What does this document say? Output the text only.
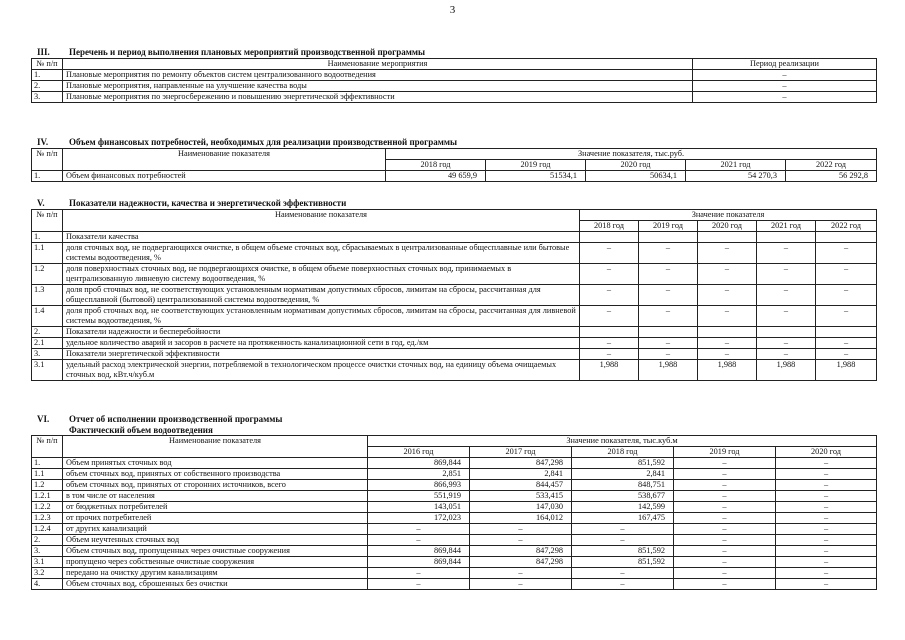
3
III. Перечень и период выполнения плановых мероприятий производственной программы
№ п/п	Наименование мероприятия	Период реализации
1.	Плановые мероприятия по ремонту объектов систем централизованного водоотведения	–
2.	Плановые мероприятия, направленные на улучшение качества воды	–
3.	Плановые мероприятия по энергосбережению и повышению энергетической эффективности	–
IV. Объем финансовых потребностей, необходимых для реализации производственной программы
№ п/п	Наименование показателя	Значение показателя, тыс.руб.				
		2018 год	2019 год	2020 год	2021 год	2022 год
1.	Объем финансовых потребностей	49 659,9	51534,1	50634,1	54 270,3	56 292,8
V.	Показатели надежности, качества и энергетической эффективности
№ п/п	Наименование показателя	Значение показателя				
		2018 год	2019 год	2020 год	2021 год	2022 год
1.	Показатели качества					
1.1	доля сточных вод, не подвергающихся очистке, в общем объеме сточных вод, сбрасываемых в централизованные общесплавные или бытовые системы водоотведения, %	–	–	–	–	–
1.2	доля поверхностных сточных вод, не подвергающихся очистке, в общем объеме поверхностных сточных вод, принимаемых в централизованную ливневую систему водоотведения, %	–	–	–	–	–
1.3	доля проб сточных вод, не соответствующих установленным нормативам допустимых сбросов, лимитам на сбросы, рассчитанная для общесплавной (бытовой) централизованной системы водоотведения, %	–	–	–	–	–
1.4	доля проб сточных вод, не соответствующих установленным нормативам допустимых сбросов, лимитам на сбросы, рассчитанная для ливневой системы водоотведения, %	–	–	–	–	–
2.	Показатели надежности и бесперебойности					
2.1	удельное количество аварий и засоров в расчете на протяженность канализационной сети в год, ед./км	–	–	–	–	–
3.	Показатели энергетической эффективности	–	–	–	–	–
3.1	удельный расход электрической энергии, потребляемой в технологическом процессе очистки сточных вод, на единицу объема очищаемых сточных вод, кВт.ч/куб.м	1,988	1,988	1,988	1,988	1,988
VI. Отчет об исполнении производственной программы
Фактический объем водоотведения
№ п/п	Наименование показателя	Значение показателя, тыс.куб.м				
		2016 год	2017 год	2018 год	2019 год	2020 год
1.	Объем принятых сточных вод	869,844	847,298	851,592	–	–
1.1	объем сточных вод, принятых от собственного производства	2,851	2,841	2,841	–	–
1.2	объем сточных вод, принятых от сторонних источников, всего	866,993	844,457	848,751	–	–
1.2.1	в том числе от населения	551,919	533,415	538,677	–	–
1.2.2	от бюджетных потребителей	143,051	147,030	142,599	–	–
1.2.3	от прочих потребителей	172,023	164,012	167,475	–	–
1.2.4	от других канализаций	–	–	–	–	–
2.	Объем неучтенных сточных вод	–	–	–	–	–
3.	Объем сточных вод, пропущенных через очистные сооружения	869,844	847,298	851,592	–	–
3.1	пропущено через собственные очистные сооружения	869,844	847,298	851,592	–	–
3.2	передано на очистку другим канализациям	–	–	–	–	–
4.	Объем сточных вод, сброшенных без очистки	–	–	–	–	–
